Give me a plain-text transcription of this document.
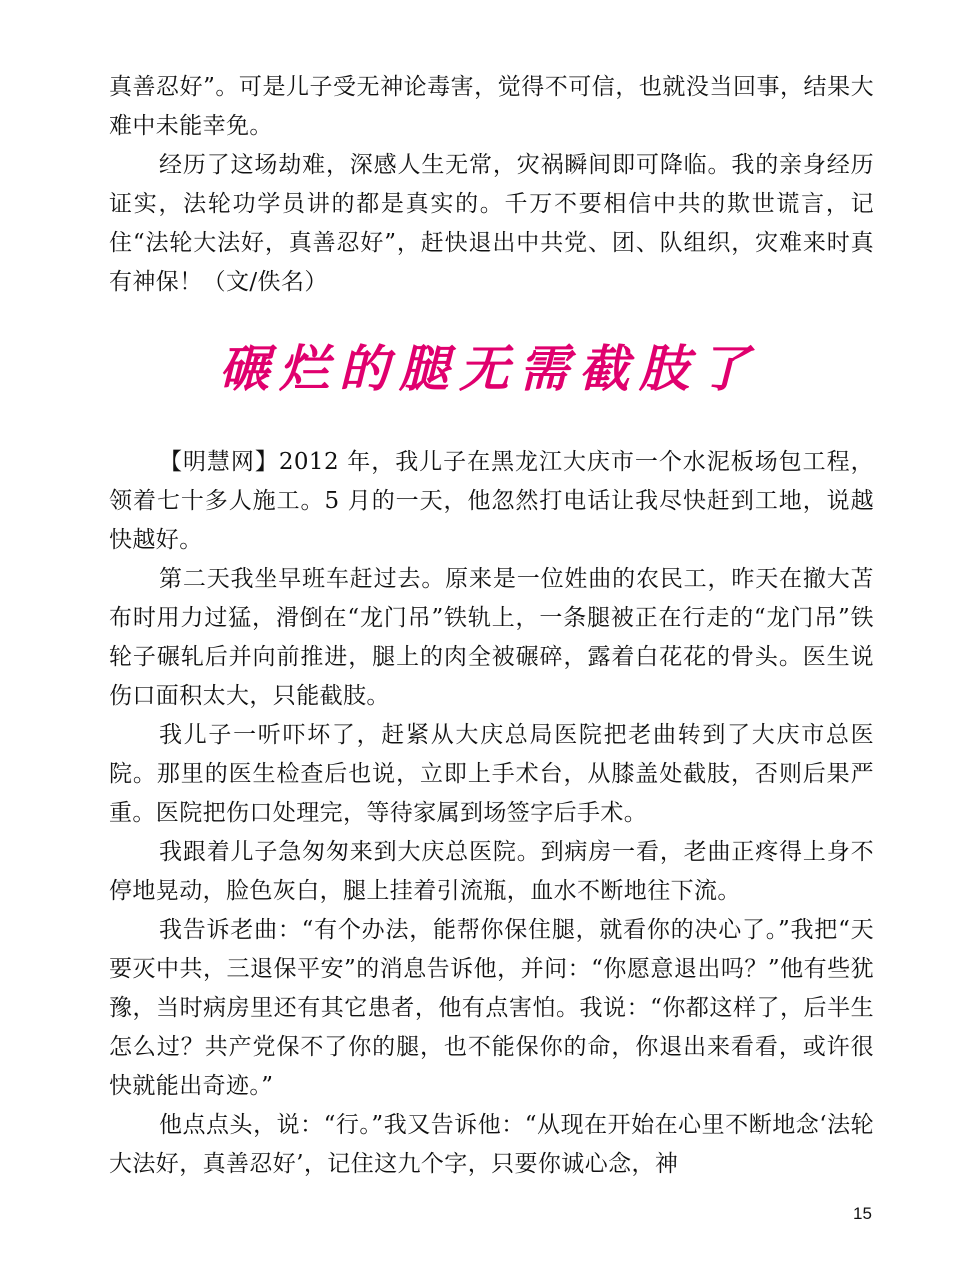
真善忍好”。可是儿子受无神论毒害，觉得不可信，也就没当回事，结果大难中未能幸免。

经历了这场劫难，深感人生无常，灾祸瞬间即可降临。我的亲身经历证实，法轮功学员讲的都是真实的。千万不要相信中共的欺世谎言，记住“法轮大法好，真善忍好”，赶快退出中共党、团、队组织，灾难来时真有神保！（文/佚名）

碾烂的腿无需截肢了

【明慧网】2012 年，我儿子在黑龙江大庆市一个水泥板场包工程，领着七十多人施工。5 月的一天，他忽然打电话让我尽快赶到工地，说越快越好。

第二天我坐早班车赶过去。原来是一位姓曲的农民工，昨天在撤大苫布时用力过猛，滑倒在“龙门吊”铁轨上，一条腿被正在行走的“龙门吊”铁轮子碾轧后并向前推进，腿上的肉全被碾碎，露着白花花的骨头。医生说伤口面积太大，只能截肢。

我儿子一听吓坏了，赶紧从大庆总局医院把老曲转到了大庆市总医院。那里的医生检查后也说，立即上手术台，从膝盖处截肢，否则后果严重。医院把伤口处理完，等待家属到场签字后手术。

我跟着儿子急匆匆来到大庆总医院。到病房一看，老曲正疼得上身不停地晃动，脸色灰白，腿上挂着引流瓶，血水不断地往下流。

我告诉老曲：“有个办法，能帮你保住腿，就看你的决心了。”我把“天要灭中共，三退保平安”的消息告诉他，并问：“你愿意退出吗？”他有些犹豫，当时病房里还有其它患者，他有点害怕。我说：“你都这样了，后半生怎么过？共产党保不了你的腿，也不能保你的命，你退出来看看，或许很快就能出奇迹。”

他点点头，说：“行。”我又告诉他：“从现在开始在心里不断地念‘法轮大法好，真善忍好’，记住这九个字，只要你诚心念，神

15
